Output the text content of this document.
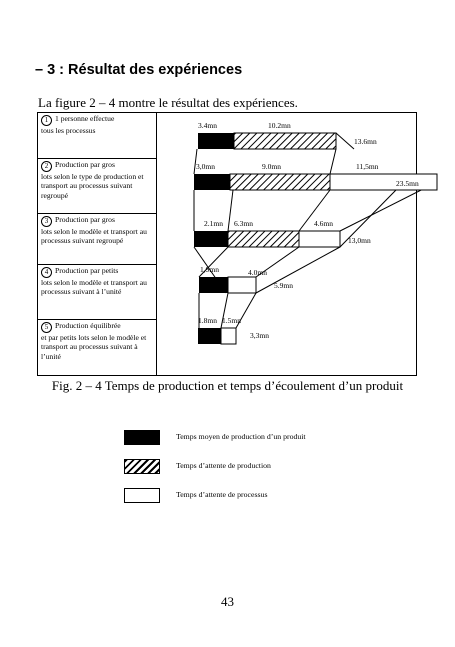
– 3 : Résultat des expériences
La figure 2 – 4 montre le résultat des expériences.
1 1 personne effectue
tous les processus
2 Production par gros
lots selon le type de production et transport au processus suivant regroupé
3 Production par gros
lots selon le modèle et transport au processus suivant regroupé
4 Production par petits
lots selon le modèle et transport au processus suivant à l’unité
5 Production équilibrée
et par petits lots selon le modèle et transport au processus suivant à l’unité
3.4mn	10.2mn
13.6mn
3,0mn	9.0mn	11,5mn
23.5mn
2.1mn 6.3mn	4.6mn
13,0mn
1,9mn	4.0mn
5.9mn
1.8mn 1.5mn
3,3mn
Fig. 2 – 4 Temps de production et temps d’écoulement d’un produit
Temps moyen de production d’un produit
Temps d’attente de production
Temps d’attente de processus
43
